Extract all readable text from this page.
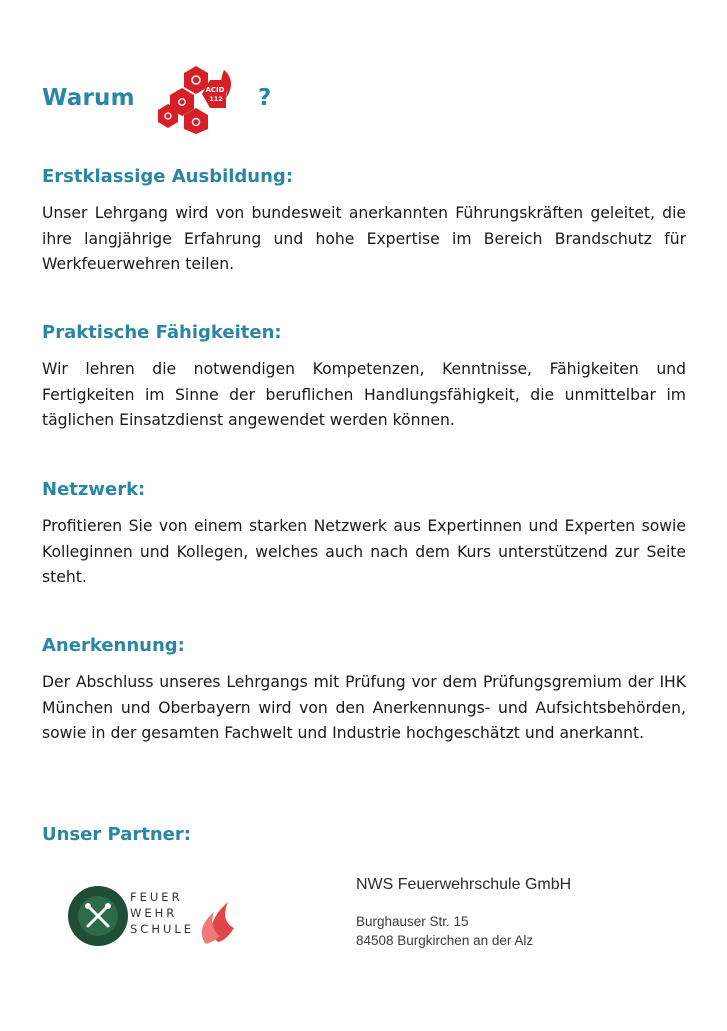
Warum	ACID
112 ?
Erstklassige Ausbildung:

Unser Lehrgang wird von bundesweit anerkannten Führungskräften geleitet, die ihre langjährige Erfahrung und hohe Expertise im Bereich Brandschutz für Werkfeuerwehren teilen.

Praktische Fähigkeiten:

Wir lehren die notwendigen Kompetenzen, Kenntnisse, Fähigkeiten und Fertigkeiten im Sinne der beruflichen Handlungsfähigkeit, die unmittelbar im täglichen Einsatzdienst angewendet werden können.

Netzwerk:

Profitieren Sie von einem starken Netzwerk aus Expertinnen und Experten sowie Kolleginnen und Kollegen, welches auch nach dem Kurs unterstützend zur Seite steht.

Anerkennung:

Der Abschluss unseres Lehrgangs mit Prüfung vor dem Prüfungsgremium der IHK München und Oberbayern wird von den Anerkennungs- und Aufsichtsbehörden, sowie in der gesamten Fachwelt und Industrie hochgeschätzt und anerkannt.

Unser Partner:
FEUER
WEHR
SCHULE
NWS Feuerwehrschule GmbH
Burghauser Str. 15
84508 Burgkirchen an der Alz
